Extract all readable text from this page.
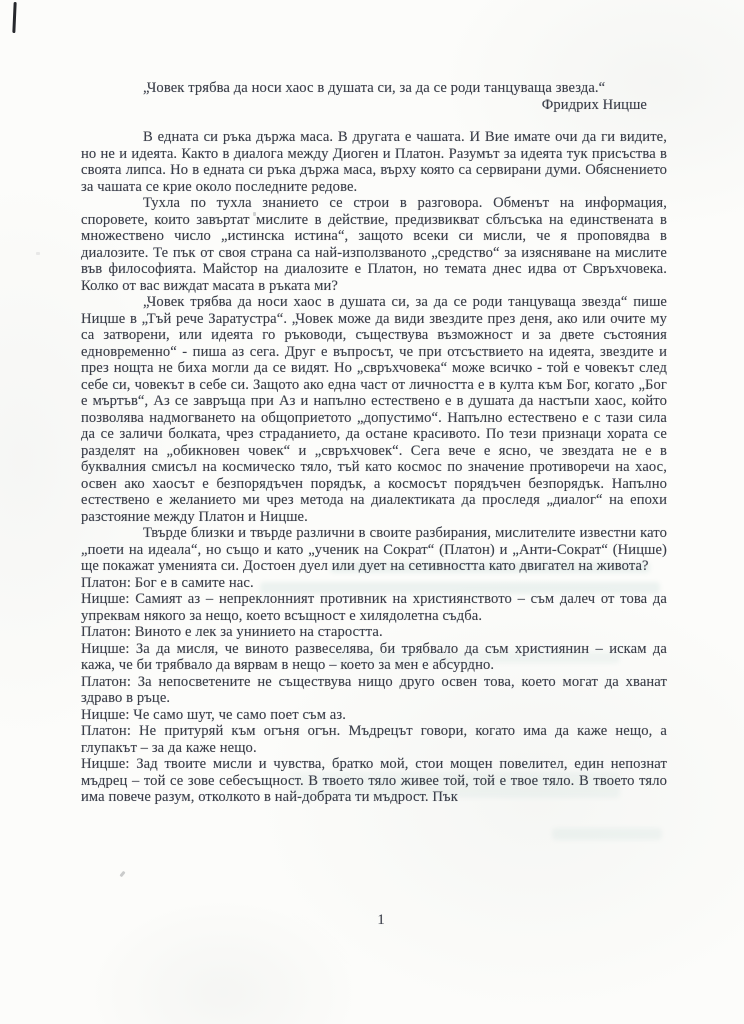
„Човек трябва да носи хаос в душата си, за да се роди танцуваща звезда.“

Фридрих Ницше

В едната си ръка държа маса. В другата е чашата. И Вие имате очи да ги видите, но не и идеята. Както в диалога между Диоген и Платон. Разумът за идеята тук присъства в своята липса. Но в едната си ръка държа маса, върху която са сервирани думи. Обяснението за чашата се крие около последните редове.

Тухла по тухла знанието се строи в разговора. Обменът на информация, споровете, които завъртат мислите в действие, предизвикват сблъсъка на единствената в множествено число „истинска истина“, защото всеки си мисли, че я проповядва в диалозите. Те пък от своя страна са най-използваното „средство“ за изясняване на мислите във философията. Майстор на диалозите е Платон, но темата днес идва от Свръхчовека. Колко от вас виждат масата в ръката ми?

„Човек трябва да носи хаос в душата си, за да се роди танцуваща звезда“ пише Ницше в „Тъй рече Заратустра“. „Човек може да види звездите през деня, ако или очите му са затворени, или идеята го ръководи, съществува възможност и за двете състояния едновременно“ - пиша аз сега. Друг е въпросът, че при отсъствието на идеята, звездите и през нощта не биха могли да се видят. Но „свръхчовека“ може всичко - той е човекът след себе си, човекът в себе си. Защото ако една част от личността е в култа към Бог, когато „Бог е мъртъв“, Аз се завръща при Аз и напълно естествено е в душата да настъпи хаос, който позволява надмогването на общоприетото „допустимо“. Напълно естествено е с тази сила да се заличи болката, чрез страданието, да остане красивото. По тези признаци хората се разделят на „обикновен човек“ и „свръхчовек“. Сега вече е ясно, че звездата не е в буквалния смисъл на космическо тяло, тъй като космос по значение противоречи на хаос, освен ако хаосът е безпорядъчен порядък, а космосът порядъчен безпорядък. Напълно естествено е желанието ми чрез метода на диалектиката да проследя „диалог“ на епохи разстояние между Платон и Ницше.

Твърде близки и твърде различни в своите разбирания, мислителите известни като „поети на идеала“, но също и като „ученик на Сократ“ (Платон) и „Анти-Сократ“ (Ницше) ще покажат уменията си. Достоен дуел или дует на сетивността като двигател на живота?

Платон: Бог е в самите нас.

Ницше: Самият аз – непреклонният противник на християнството – съм далеч от това да упреквам някого за нещо, което всъщност е хилядолетна съдба.

Платон: Виното е лек за унинието на старостта.

Ницше: За да мисля, че виното развеселява, би трябвало да съм християнин – искам да кажа, че би трябвало да вярвам в нещо – което за мен е абсурдно.

Платон: За непосветените не съществува нищо друго освен това, което могат да хванат здраво в ръце.

Ницше: Че само шут, че само поет съм аз.

Платон: Не притуряй към огъня огън. Мъдрецът говори, когато има да каже нещо, а глупакът – за да каже нещо.

Ницше: Зад твоите мисли и чувства, братко мой, стои мощен повелител, един непознат мъдрец – той се зове себесъщност. В твоето тяло живее той, той е твое тяло. В твоето тяло има повече разум, отколкото в най-добрата ти мъдрост. Пък

1
